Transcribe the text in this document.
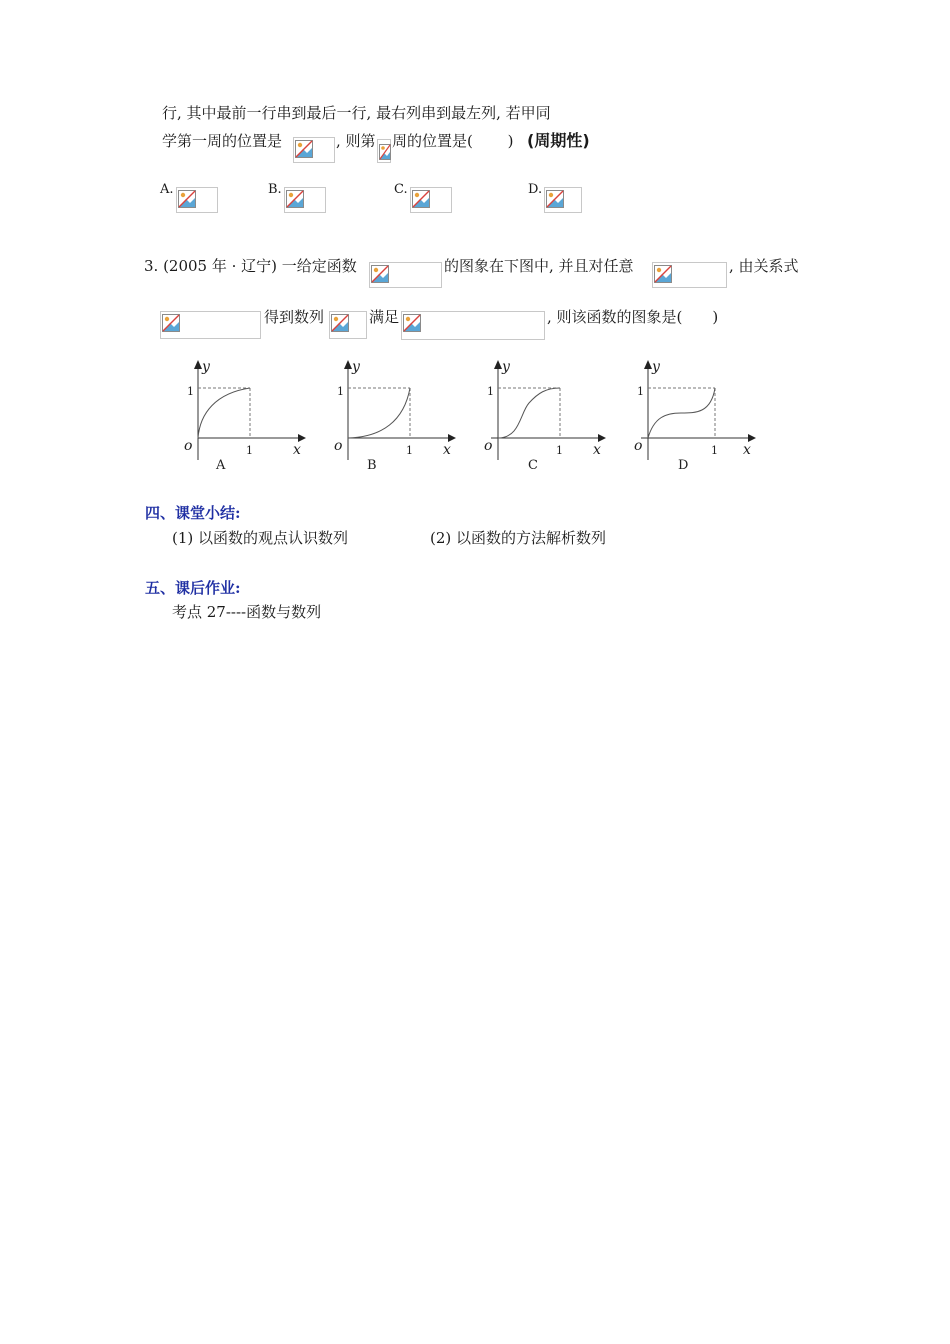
行, 其中最前一行串到最后一行, 最右列串到最左列, 若甲同
学第一周的位置是	, 则第 周的位置是(　　 ) (周期性)
A.	B.	C.	D.
3. (2005 年 · 辽宁) 一给定函数	的图象在下图中, 并且对任意	, 由关系式
得到数列	满足	, 则该函数的图象是(　　)
y
x
o
1
1
A
y
x
o
1
1
B
y
x
o
1
1
C
y
x
o
1
1
D
四、课堂小结:
(1) 以函数的观点认识数列	(2) 以函数的方法解析数列
五、课后作业:
考点 27----函数与数列
